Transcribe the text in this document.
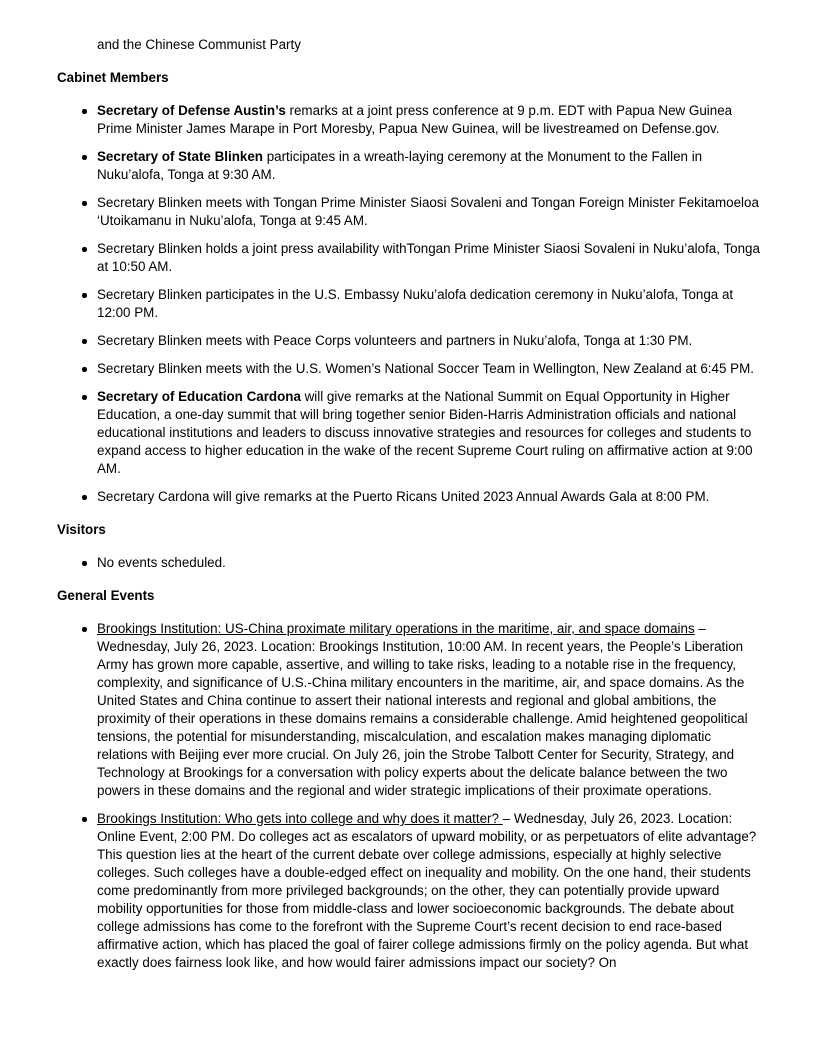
and the Chinese Communist Party
Cabinet Members
Secretary of Defense Austin’s remarks at a joint press conference at 9 p.m. EDT with Papua New Guinea Prime Minister James Marape in Port Moresby, Papua New Guinea, will be livestreamed on Defense.gov.
Secretary of State Blinken participates in a wreath-laying ceremony at the Monument to the Fallen in Nuku’alofa, Tonga at 9:30 AM.
Secretary Blinken meets with Tongan Prime Minister Siaosi Sovaleni and Tongan Foreign Minister Fekitamoeloa ‘Utoikamanu in Nuku’alofa, Tonga at 9:45 AM.
Secretary Blinken holds a joint press availability withTongan Prime Minister Siaosi Sovaleni in Nuku’alofa, Tonga at 10:50 AM.
Secretary Blinken participates in the U.S. Embassy Nuku’alofa dedication ceremony in Nuku’alofa, Tonga at 12:00 PM.
Secretary Blinken meets with Peace Corps volunteers and partners in Nuku’alofa, Tonga at 1:30 PM.
Secretary Blinken meets with the U.S. Women’s National Soccer Team in Wellington, New Zealand at 6:45 PM.
Secretary of Education Cardona will give remarks at the National Summit on Equal Opportunity in Higher Education, a one-day summit that will bring together senior Biden-Harris Administration officials and national educational institutions and leaders to discuss innovative strategies and resources for colleges and students to expand access to higher education in the wake of the recent Supreme Court ruling on affirmative action at 9:00 AM.
Secretary Cardona will give remarks at the Puerto Ricans United 2023 Annual Awards Gala at 8:00 PM.
Visitors
No events scheduled.
General Events
Brookings Institution: US-China proximate military operations in the maritime, air, and space domains – Wednesday, July 26, 2023. Location: Brookings Institution, 10:00 AM. In recent years, the People’s Liberation Army has grown more capable, assertive, and willing to take risks, leading to a notable rise in the frequency, complexity, and significance of U.S.-China military encounters in the maritime, air, and space domains. As the United States and China continue to assert their national interests and regional and global ambitions, the proximity of their operations in these domains remains a considerable challenge. Amid heightened geopolitical tensions, the potential for misunderstanding, miscalculation, and escalation makes managing diplomatic relations with Beijing ever more crucial. On July 26, join the Strobe Talbott Center for Security, Strategy, and Technology at Brookings for a conversation with policy experts about the delicate balance between the two powers in these domains and the regional and wider strategic implications of their proximate operations.
Brookings Institution: Who gets into college and why does it matter? – Wednesday, July 26, 2023. Location: Online Event, 2:00 PM. Do colleges act as escalators of upward mobility, or as perpetuators of elite advantage? This question lies at the heart of the current debate over college admissions, especially at highly selective colleges. Such colleges have a double-edged effect on inequality and mobility. On the one hand, their students come predominantly from more privileged backgrounds; on the other, they can potentially provide upward mobility opportunities for those from middle-class and lower socioeconomic backgrounds. The debate about college admissions has come to the forefront with the Supreme Court’s recent decision to end race-based affirmative action, which has placed the goal of fairer college admissions firmly on the policy agenda. But what exactly does fairness look like, and how would fairer admissions impact our society? On
